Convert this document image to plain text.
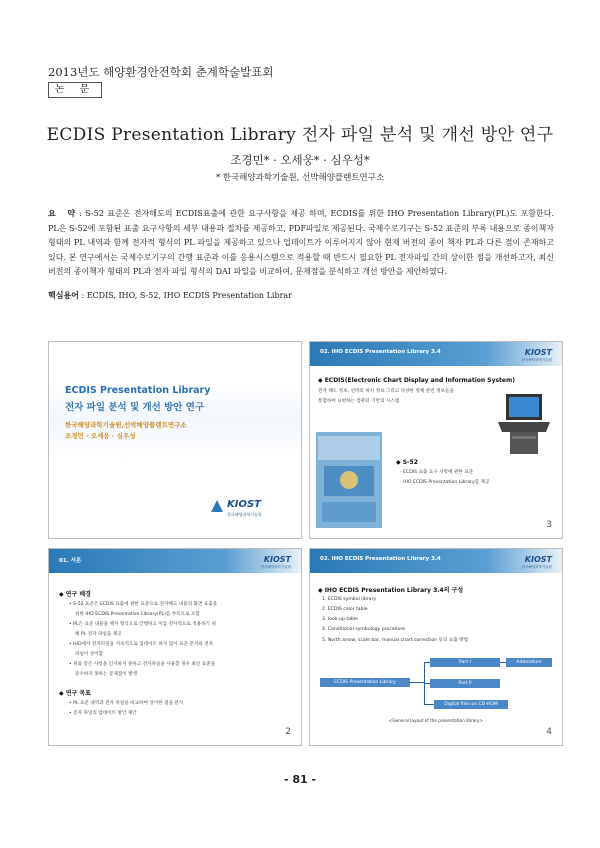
2013년도 해양환경안전학회 춘계학술발표회
논 문
ECDIS Presentation Library 전자 파일 분석 및 개선 방안 연구
조경민* · 오세웅* · 심우성*
* 한국해양과학기술원, 선박해양플랜트연구소
요 약: S-52 표준은 전자해도의 ECDIS표출에 관한 요구사항을 제공 하며, ECDIS를 위한 IHO Presentation Library(PL)도 포함한다. PL은 S-52에 포함된 표출 요구사항의 세부 내용과 절차를 제공하고, PDF파일로 제공된다. 국제수로기구는 S-52 표준의 부록 내용으로 종이책자 형태의 PL 내역과 함께 전자적 형식의 PL 파일을 제공하고 있으나 업데이트가 이루어지지 않아 현재 버전의 종이 책자 PL과 다른 점이 존재하고 있다. 본 연구에서는 국제수로기구의 간행 표준과 이를 응용시스템으로 적용할 때 반드시 필요한 PL 전자파일 간의 상이한 점을 개선하고자, 최신버전의 종이책자 형태의 PL과 전자 파일 형식의 DAI 파일을 비교하여, 문제점을 분석하고 개선 방안을 제안하였다.
핵심용어 : ECDIS, IHO, S-52, IHO ECDIS Presentation Librar
ECDIS Presentation Library
전자 파일 분석 및 개선 방안 연구
한국해양과학기술원,선박해양플랜트연구소
조경민 · 오세웅 · 심우성
KIOST
한국해양과학기술원
02. IHO ECDIS Presentation Library 3.4	KIOST
한국해양과학기술원
◆ ECDIS(Electronic Chart Display and Information System)
전자 해도 정보, 선박의 위치 정보 그리고 다양한 항해 관련 정보들을
통합하여 표현하는 컴퓨터 기반의 시스템
◆ S-52
- ECDIS 표출 요구 사항에 관한 표준
- IHO ECDIS Presentation Library를 제공
3
01. 서론	KIOST
한국해양과학기술원
◆ 연구 배경
• S-52 표준은 ECDIS 표출에 관한 표준으로 전자해도 내용의 화면 표출을
위한 IHO ECDIS Presentation Library(PL)를 부록으로 포함
• PL은 표준 내용을 책자 형식으로 간행하고 이를 전자적으로 적용하기 위
해 PL 전자 파일을 제공
• IHO에서 전자파일을 지속적으로 업데이트 하지 않아 표준 문서와 전자
파일이 상이함
• 위와 같은 사항을 인지하지 못하고 전자파일을 사용할 경우 최신 표준을
준수하지 못하는 문제점이 발생
◆ 연구 목표
• PL 표준 내역과 전자 파일을 비교하여 상이한 점을 분석
• 전자 파일의 업데이트 방안 제안
2
02. IHO ECDIS Presentation Library 3.4	KIOST
한국해양과학기술원
◆ IHO ECDIS Presentation Library 3.4의 구성
1. ECDIS symbol library
2. ECDIS color table
3. look-up table
4. Conditional symbology procedure
5. North arrow, scale bar, manual chart correction 등의 표출 방법
ECDIS Presentation Library
Part I	Addendum
Part II
Digital files on CD-ROM
<General layout of the presentation library>
4
- 81 -
